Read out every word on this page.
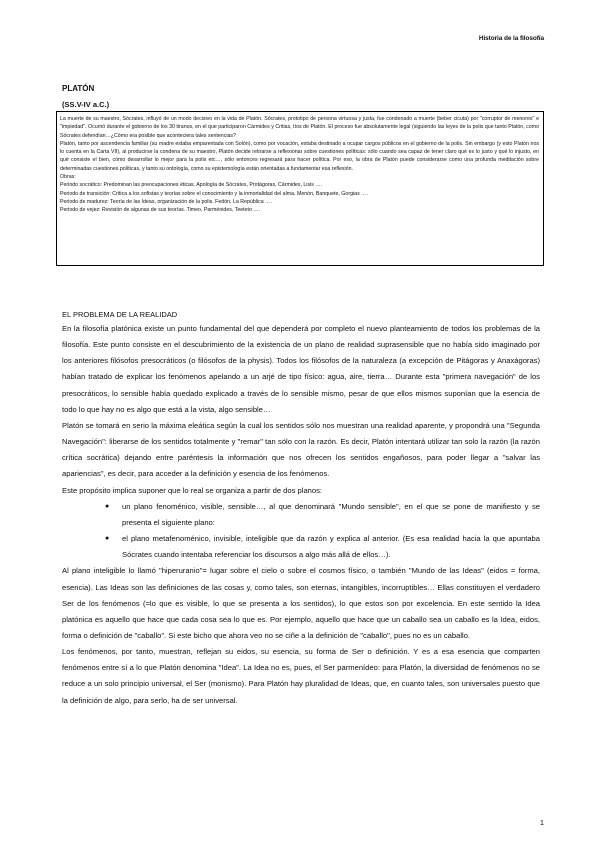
Historia de la filosofía
PLATÓN
(SS.V-IV a.C.)

La muerte de su maestro, Sócrates, influyó de un modo decisivo en la vida de Platón. Sócrates, prototipo de persona virtuosa y justa, fue condenado a muerte (beber cicuta) por "corruptor de menores" e "impiedad". Ocurrió durante el gobierno de los 30 tiranos, en el que participaron Cármides y Critias, tíos de Platón. El proceso fue absolutamente legal (siguiendo las leyes de la polis que tanto Platón, como Sócrates defendían…¿Cómo era posible que aconteciera tales sentencias?

Platón, tanto por ascendencia familiar (su madre estaba emparentada con Solón), como por vocación, estaba destinado a ocupar cargos públicos en el gobierno de la polis. Sin embargo (y esto Platón nos lo cuenta en la Carta VII), al producirse la condena de su maestro, Platón decide retirarse a reflexionar sobre cuestiones políticas: sólo cuando sea capaz de tener claro qué es lo justo y qué lo injusto, en qué consiste el bien, cómo desarrollar lo mejor para la polis etc…, sólo entonces regresará para hacer política. Por eso, la obra de Platón puede considerarse como una profunda meditación sobre determinadas cuestiones políticas, y tanto su ontología, como su epistemología están orientadas a fundamentar esa reflexión.

Obras:
Periodo socrático: Predominan las preocupaciones éticas. Apología de Sócrates, Protágoras, Cármides, Lisis ….
Periodo de transición: Critica a los sofistas y teorías sobre el conocimiento y la inmortalidad del alma. Menón, Banquete, Gorgias ….
Periodo de madurez: Teoría de las Ideas, organización de la polis. Fedón, La República ….
Periodo de vejez: Revisión de algunas de sus teorías. Timeo, Parménides, Teeteto ….
EL PROBLEMA DE LA REALIDAD

En la filosofía platónica existe un punto fundamental del que dependerá por completo el nuevo planteamiento de todos los problemas de la filosofía. Este punto consiste en el descubrimiento de la existencia de un plano de realidad suprasensible que no había sido imaginado por los anteriores filósofos presocráticos (o filósofos de la physis). Todos los filósofos de la naturaleza (a excepción de Pitágoras y Anaxágoras) habían tratado de explicar los fenómenos apelando a un arjé de tipo físico: agua, aire, tierra… Durante esta "primera navegación" de los presocráticos, lo sensible había quedado explicado a través de lo sensible mismo, pesar de que ellos mismos suponían que la esencia de todo lo que hay no es algo que está a la vista, algo sensible…

Platón se tomará en serio la máxima eleática según la cual los sentidos sólo nos muestran una realidad aparente, y propondrá una "Segunda Navegación": liberarse de los sentidos totalmente y "remar" tan sólo con la razón. Es decir, Platón intentará utilizar tan solo la razón (la razón crítica socrática) dejando entre paréntesis la información que nos ofrecen los sentidos engañosos, para poder llegar a "salvar las apariencias", es decir, para acceder a la definición y esencia de los fenómenos.

Este propósito implica suponer que lo real se organiza a partir de dos planos:

● un plano fenoménico, visible, sensible…, al que denominará "Mundo sensible", en el que se pone de manifiesto y se presenta el siguiente plano:
● el plano metafenoménico, invisible, inteligible que da razón y explica al anterior. (Es esa realidad hacia la que apuntaba Sócrates cuando intentaba referenciar los discursos a algo más allá de ellos…).

Al plano inteligible lo llamó "hiperuranio"= lugar sobre el cielo o sobre el cosmos físico, o también "Mundo de las Ideas" (eidos = forma, esencia). Las Ideas son las definiciones de las cosas y, como tales, son eternas, intangibles, incorruptibles… Ellas constituyen el verdadero Ser de los fenómenos (=lo que es visible, lo que se presenta a los sentidos), lo que estos son por excelencia. En este sentido la Idea platónica es aquello que hace que cada cosa sea lo que es. Por ejemplo, aquello que hace que un caballo sea un caballo es la Idea, eidos, forma o definición de "caballo". Si este bicho que ahora veo no se ciñe a la definición de "caballo", pues no es un caballo.

Los fenómenos, por tanto, muestran, reflejan su eidos, su esencia, su forma de Ser o definición. Y es a esa esencia que comparten fenómenos entre sí a lo que Platón denomina "Idea". La Idea no es, pues, el Ser parmenídeo: para Platón, la diversidad de fenómenos no se reduce a un solo principio universal, el Ser (monismo). Para Platón hay pluralidad de Ideas, que, en cuanto tales, son universales puesto que la definición de algo, para serlo, ha de ser universal.

1
